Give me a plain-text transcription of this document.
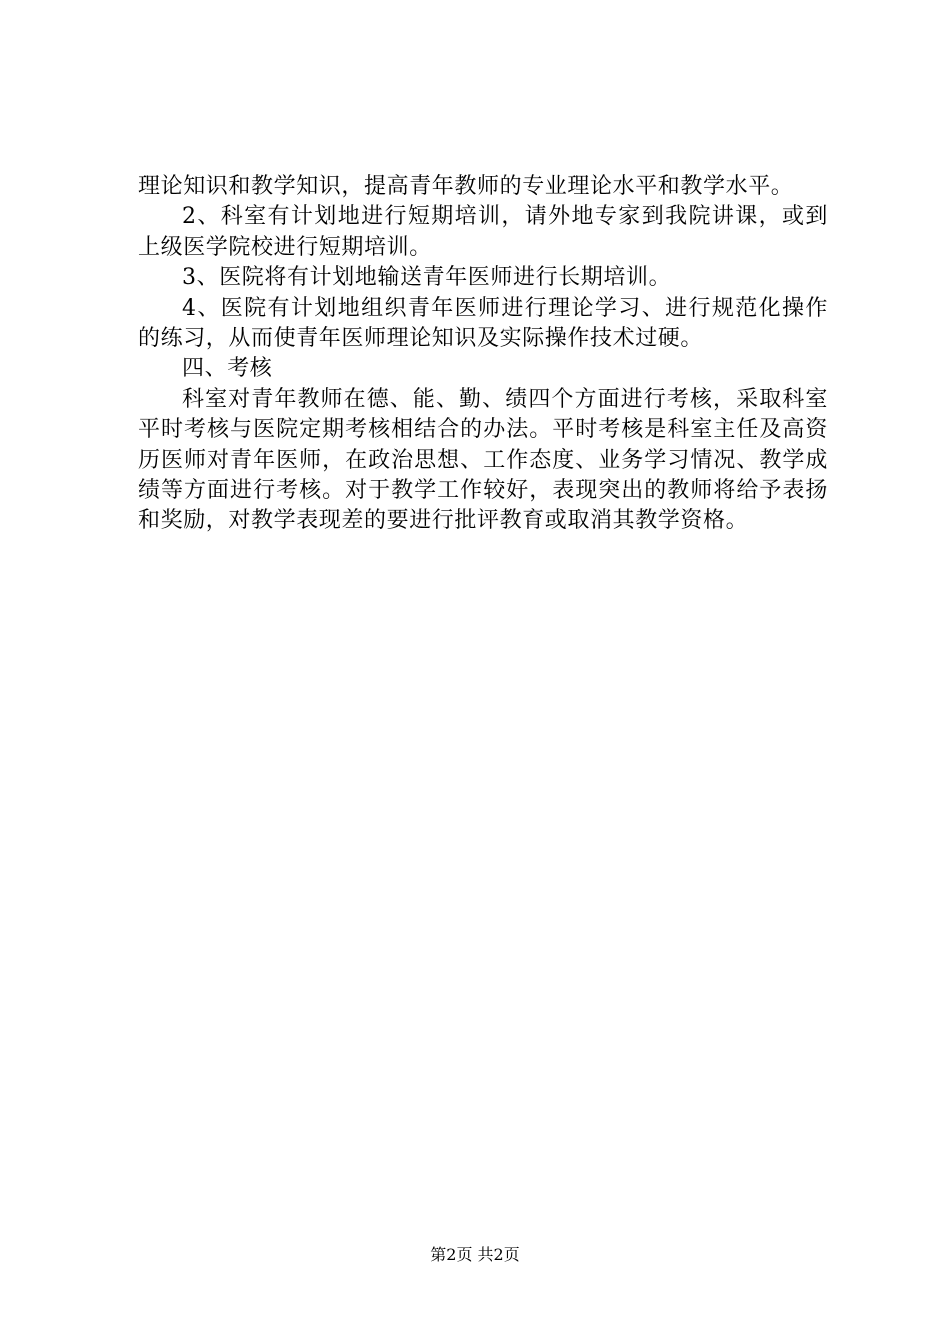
理论知识和教学知识，提高青年教师的专业理论水平和教学水平。

2、科室有计划地进行短期培训，请外地专家到我院讲课，或到上级医学院校进行短期培训。

3、医院将有计划地输送青年医师进行长期培训。

4、医院有计划地组织青年医师进行理论学习、进行规范化操作的练习，从而使青年医师理论知识及实际操作技术过硬。

四、考核

科室对青年教师在德、能、勤、绩四个方面进行考核，采取科室平时考核与医院定期考核相结合的办法。平时考核是科室主任及高资历医师对青年医师，在政治思想、工作态度、业务学习情况、教学成绩等方面进行考核。对于教学工作较好，表现突出的教师将给予表扬和奖励，对教学表现差的要进行批评教育或取消其教学资格。

第2页 共2页
